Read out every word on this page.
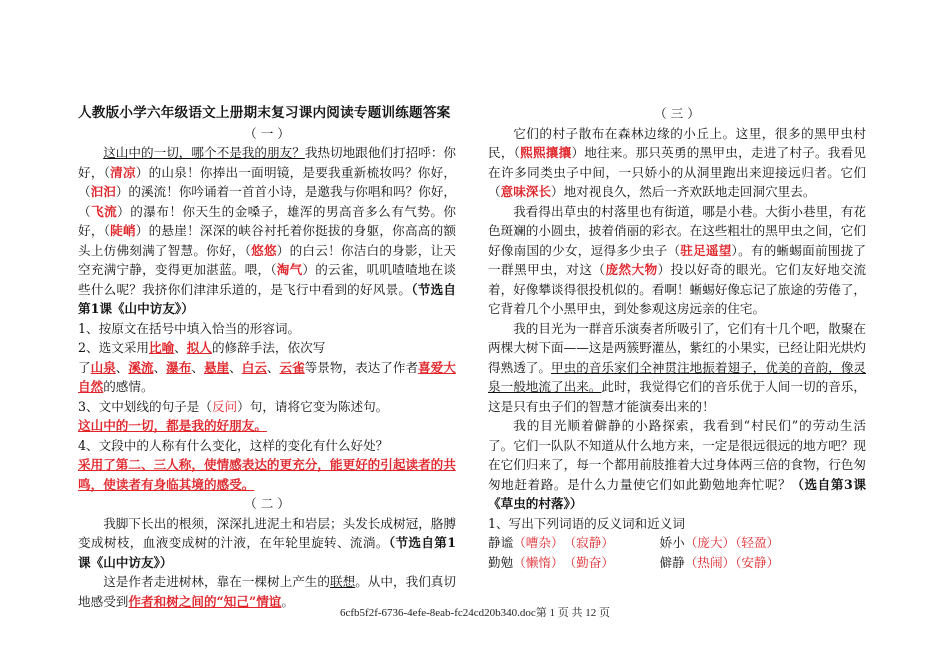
人教版小学六年级语文上册期末复习课内阅读专题训练题答案
（ 一 ）

这山中的一切，哪个不是我的朋友？我热切地跟他们打招呼：你好，（清凉）的山泉！你捧出一面明镜，是要我重新梳妆吗？你好，（汩汩）的溪流！你吟诵着一首首小诗，是邀我与你唱和吗？你好，（飞流）的瀑布！你天生的金嗓子，雄浑的男高音多么有气势。你好，（陡峭）的悬崖！深深的峡谷衬托着你挺拔的身躯，你高高的额头上仿佛刻满了智慧。你好，（悠悠）的白云！你洁白的身影，让天空充满宁静，变得更加湛蓝。喂，（淘气）的云雀，叽叽喳喳地在谈些什么呢？我挤你们津津乐道的，是飞行中看到的好风景。（节选自第1课《山中访友》）

1、按原文在括号中填入恰当的形容词。

2、选文采用比喻、拟人的修辞手法，依次写
了山泉、溪流、瀑布、悬崖、白云、云雀等景物，表达了作者喜爱大自然的感情。

3、文中划线的句子是（反问）句，请将它变为陈述句。

这山中的一切，都是我的好朋友。

4、文段中的人称有什么变化，这样的变化有什么好处？

采用了第二、三人称，使情感表达的更充分，能更好的引起读者的共鸣，使读者有身临其境的感受。

（ 二 ）

我脚下长出的根须，深深扎进泥土和岩层；头发长成树冠，胳膊变成树枝，血液变成树的汁液，在年轮里旋转、流淌。（节选自第1课《山中访友》）

这是作者走进树林，靠在一棵树上产生的联想。从中，我们真切地感受到作者和树之间的“知己”情谊。

（ 三 ）

它们的村子散布在森林边缘的小丘上。这里，很多的黑甲虫村民，（熙熙攘攘）地往来。那只英勇的黑甲虫，走进了村子。我看见在许多同类虫子中间，一只娇小的从洞里跑出来迎接远归者。它们（意味深长）地对视良久，然后一齐欢跃地走回洞穴里去。

我看得出草虫的村落里也有街道，哪是小巷。大街小巷里，有花色斑斓的小圆虫，披着俏丽的彩衣。在这些粗壮的黑甲虫之间，它们好像南国的少女，逗得多少虫子（驻足遥望）。有的蜥蜴面前围拢了一群黑甲虫，对这（庞然大物）投以好奇的眼光。它们友好地交流着，好像攀谈得很投机似的。看啊！蜥蜴好像忘记了旅途的劳倦了，它背着几个小黑甲虫，到处参观这房远亲的住宅。

我的目光为一群音乐演奏者所吸引了，它们有十几个吧，散聚在两棵大树下面——这是两簇野灌丛，紫红的小果实，已经让阳光烘灼得熟透了。甲虫的音乐家们全神贯注地振着翅子，优美的音韵，像灵泉一般地流了出来。此时，我觉得它们的音乐优于人间一切的音乐，这是只有虫子们的智慧才能演奏出来的！

我的目光顺着僻静的小路探索，我看到“村民们”的劳动生活了。它们一队队不知道从什么地方来，一定是很远很远的地方吧？现在它们归来了，每一个都用前肢推着大过身体两三倍的食物，行色匆匆地赶着路。是什么力量使它们如此勤勉地奔忙呢？（选自第3课《草虫的村落》）

1、写出下列词语的反义词和近义词

静谧（嘈杂）（寂静）	娇小（庞大）（轻盈）

勤勉（懒惰）（勤奋）	僻静（热闹）（安静）

6cfb5f2f-6736-4efe-8eab-fc24cd20b340.doc第 1 页 共 12 页
